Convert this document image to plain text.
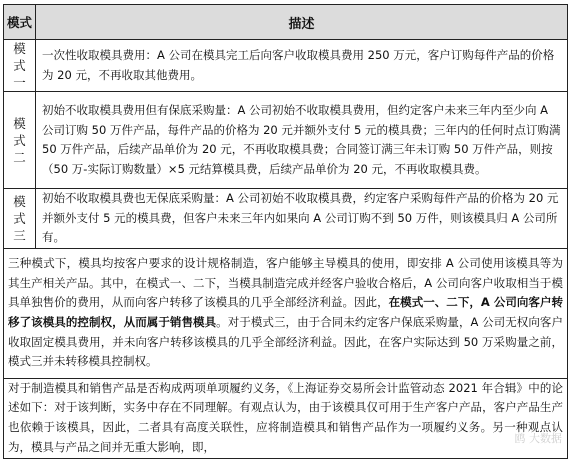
模式	描述
模
式
一	一次性收取模具费用：A 公司在模具完工后向客户收取模具费用 250 万元，客户订购每件产品的价格为 20 元，不再收取其他费用。
模
式
二	初始不收取模具费用但有保底采购量：A 公司初始不收取模具费用，但约定客户未来三年内至少向 A 公司订购 50 万件产品，每件产品的价格为 20 元并额外支付 5 元的模具费；三年内的任何时点订购满 50 万件产品，后续产品单价为 20 元，不再收取模具费；合同签订满三年未订购 50 万件产品，则按（50 万-实际订购数量）×5 元结算模具费，后续产品单价为 20 元，不再收取模具费。
模
式
三	初始不收取模具费也无保底采购量：A 公司初始不收取模具费，约定客户采购每件产品的价格为 20 元并额外支付 5 元的模具费，但客户未来三年内如果向 A 公司订购不到 50 万件，则该模具归 A 公司所有。
三种模式下，模具均按客户要求的设计规格制造，客户能够主导模具的使用，即安排 A 公司使用该模具等为其生产相关产品。其中，在模式一、二下，当模具制造完成并经客户验收合格后，A 公司向客户收取相当于模具单独售价的费用，从而向客户转移了该模具的几乎全部经济利益。因此，在模式一、二下，A 公司向客户转移了该模具的控制权，从而属于销售模具。对于模式三，由于合同未约定客户保底采购量，A 公司无权向客户收取固定模具费用，并未向客户转移该模具的几乎全部经济利益。因此，在客户实际达到 50 万采购量之前，模式三并未转移模具控制权。	
对于制造模具和销售产品是否构成两项单项履约义务，《上海证券交易所会计监管动态 2021 年合辑》中的论述如下：对于该判断，实务中存在不同理解。有观点认为，由于该模具仅可用于生产客户产品，客户产品生产也依赖于该模具，因此，二者具有高度关联性，应将制造模具和销售产品作为一项履约义务。另一种观点认为，模具与产品之间并无重大影响，即，	
鸥 大数据
